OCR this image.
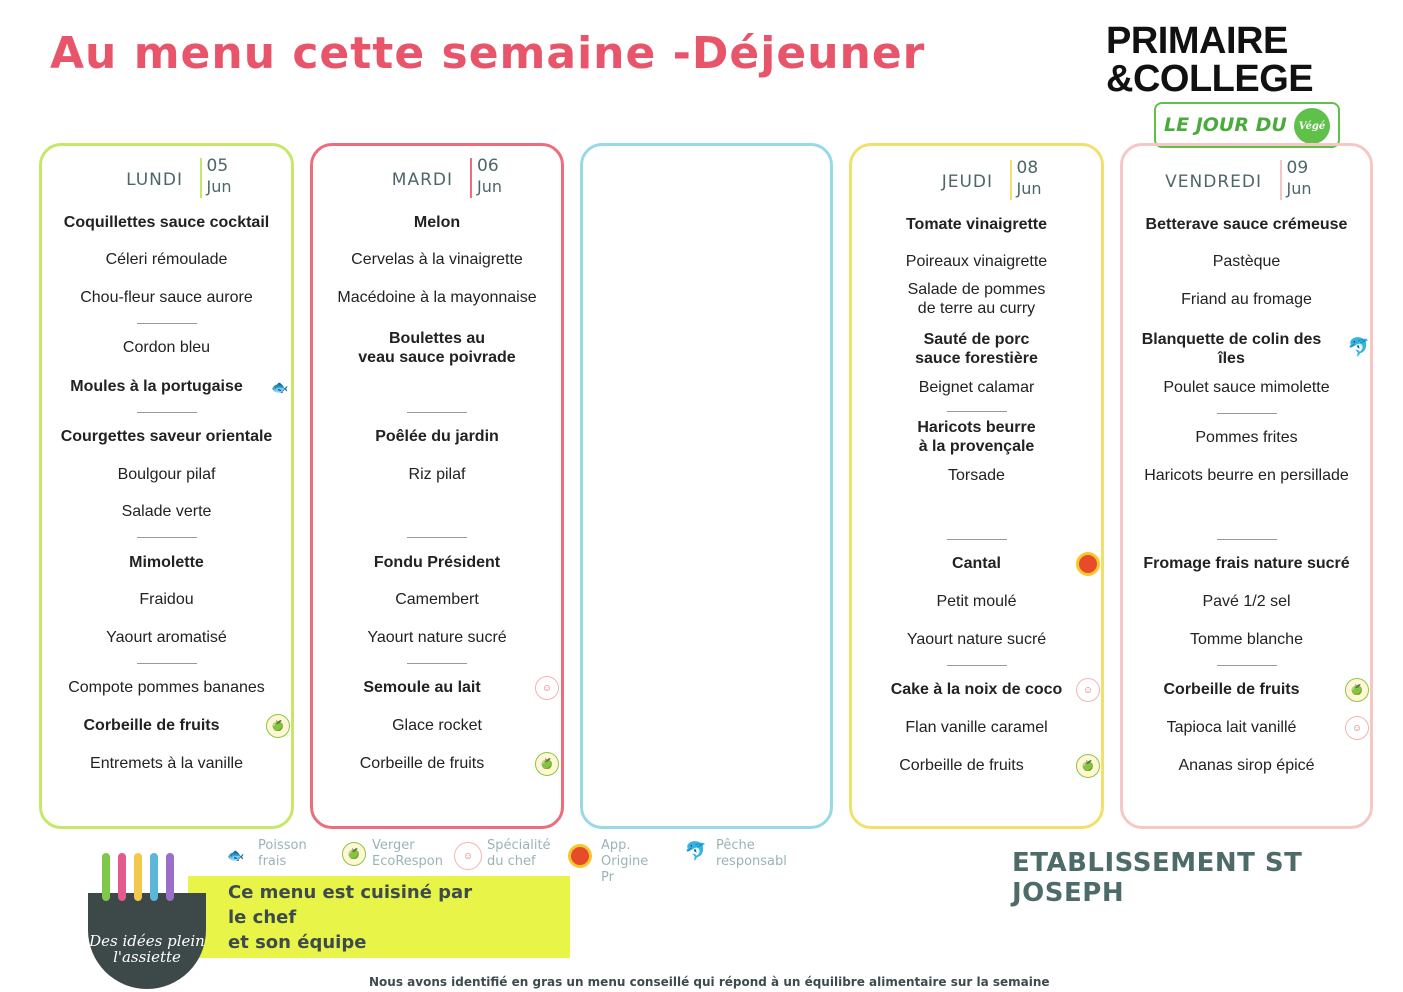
Au menu cette semaine -Déjeuner	PRIMAIRE
&COLLEGE
LE JOUR DU	Végé
LUNDI
05
Jun
Coquillettes sauce cocktail
Céleri rémoulade
Chou-fleur sauce aurore
Cordon bleu
Moules à la portugaise	🐟
Courgettes saveur orientale
Boulgour pilaf
Salade verte
Mimolette
Fraidou
Yaourt aromatisé
Compote pommes bananes
Corbeille de fruits	🍏
Entremets à la vanille
MARDI
06
Jun
Melon
Cervelas à la vinaigrette
Macédoine à la mayonnaise
Boulettes au
veau sauce poivrade
Poêlée du jardin
Riz pilaf
Fondu Président
Camembert
Yaourt nature sucré
Semoule au lait	☺
Glace rocket
Corbeille de fruits	🍏
JEUDI
08
Jun
Tomate vinaigrette
Poireaux vinaigrette
Salade de pommes
de terre au curry
Sauté de porc
sauce forestière
Beignet calamar
Haricots beurre
à la provençale
Torsade
Cantal
Petit moulé
Yaourt nature sucré
Cake à la noix de coco	☺
Flan vanille caramel
Corbeille de fruits	🍏
VENDREDI
09
Jun
Betterave sauce crémeuse
Pastèque
Friand au fromage
Blanquette de colin des
îles
🐬
Poulet sauce mimolette
Pommes frites
Haricots beurre en persillade
Fromage frais nature sucré
Pavé 1/2 sel
Tomme blanche
Corbeille de fruits	🍏
Tapioca lait vanillé	☺
Ananas sirop épicé
🐟
Poisson
frais	🍏
Verger
EcoRespon	☺
Spécialité
du chef
App.
Origine Pr
🐬 Pêche
responsabl	ETABLISSEMENT ST JOSEPH
Ce menu est cuisiné par
le chef
et son équipe
Des idées plein
l'assiette
Nous avons identifié en gras un menu conseillé qui répond à un équilibre alimentaire sur la semaine
